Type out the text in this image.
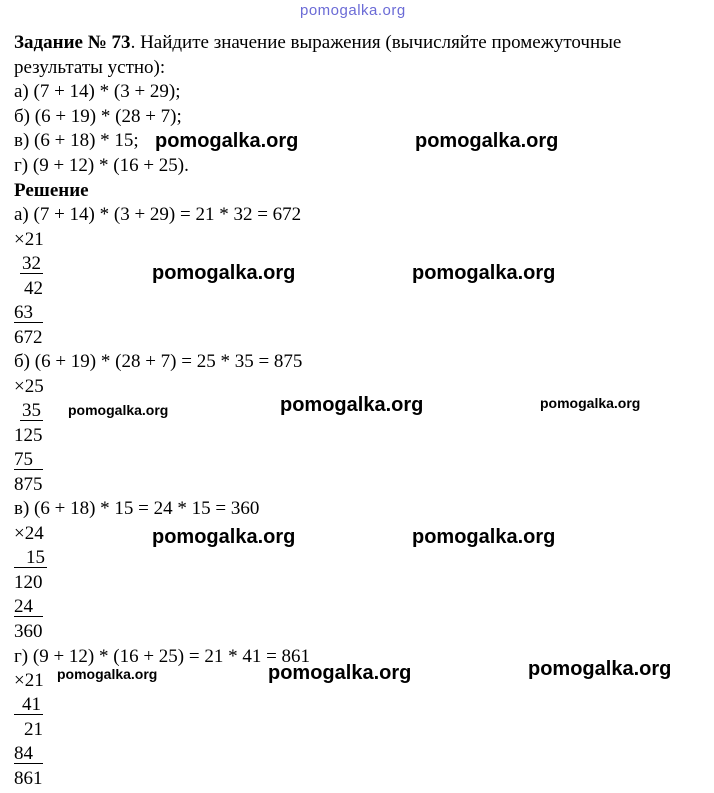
pomogalka.org
Задание № 73. Найдите значение выражения (вычисляйте промежуточные
результаты устно):
а) (7 + 14) * (3 + 29);
б) (6 + 19) * (28 + 7);
в) (6 + 18) * 15;
г) (9 + 12) * (16 + 25).
Решение
а) (7 + 14) * (3 + 29) = 21 * 32 = 672
×21
32
42
63
672
б) (6 + 19) * (28 + 7) = 25 * 35 = 875
×25
35
125
75
875
в) (6 + 18) * 15 = 24 * 15 = 360
×24
15
120
24
360
г) (9 + 12) * (16 + 25) = 21 * 41 = 861
×21
41
21
84
861
pomogalka.org	pomogalka.org
pomogalka.org	pomogalka.org
pomogalka.org	pomogalka.org	pomogalka.org
pomogalka.org	pomogalka.org
pomogalka.org	pomogalka.org	pomogalka.org
